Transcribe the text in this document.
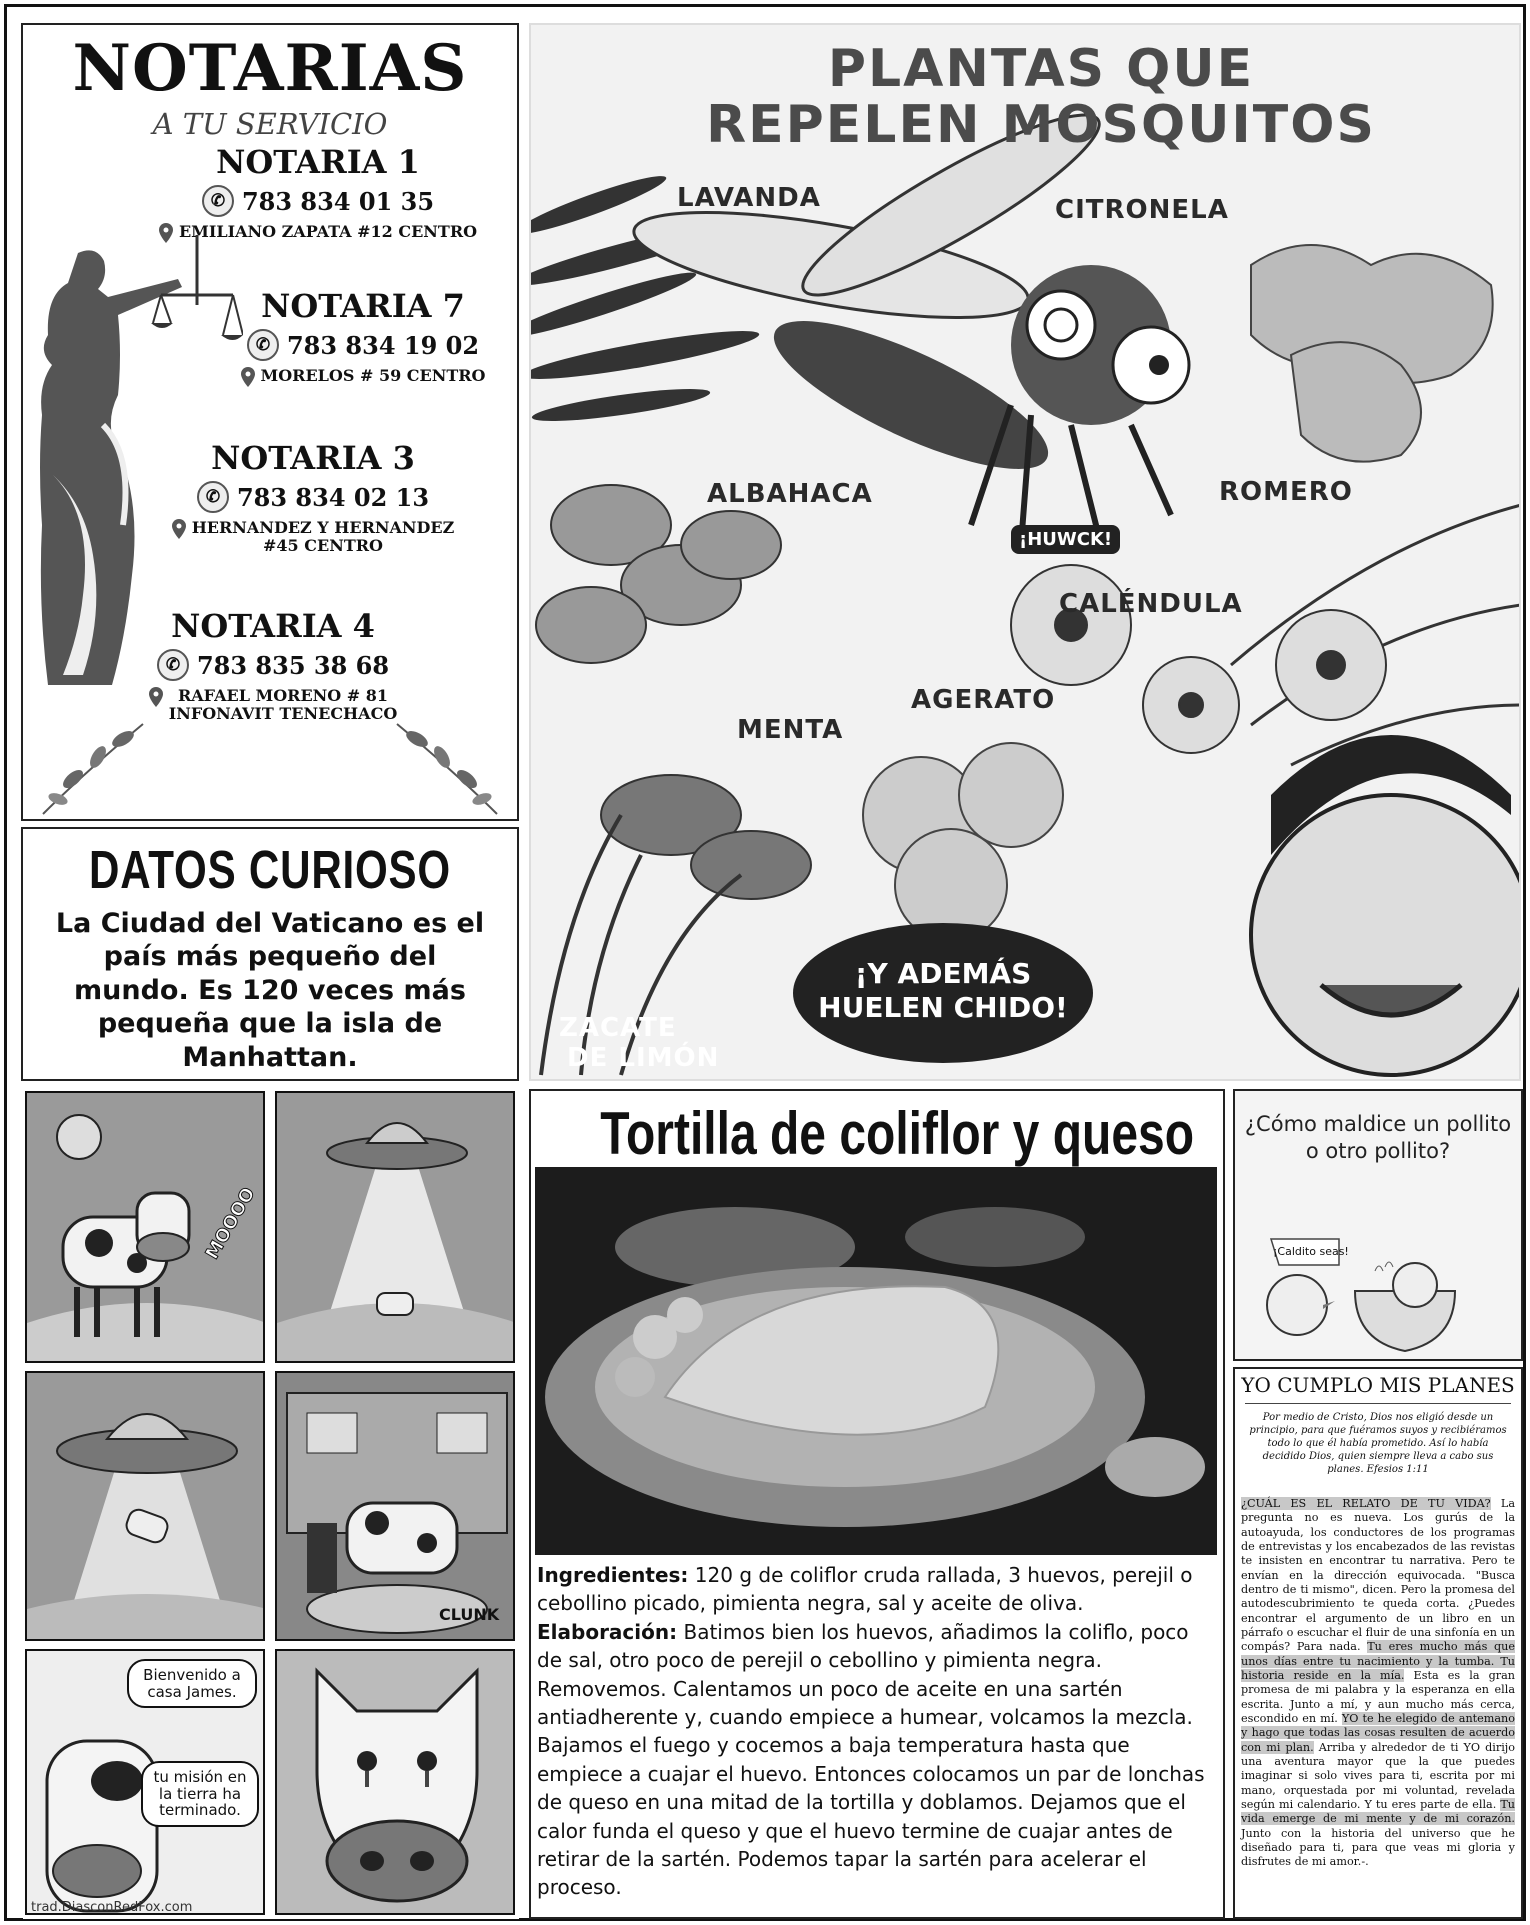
NOTARIAS
A TU SERVICIO
NOTARIA 1
✆ 783 834 01 35
EMILIANO ZAPATA #12 CENTRO
NOTARIA 7
✆ 783 834 19 02
MORELOS # 59 CENTRO
NOTARIA 3
✆ 783 834 02 13
HERNANDEZ Y HERNANDEZ
#45 CENTRO
NOTARIA 4
✆ 783 835 38 68
RAFAEL MORENO # 81
INFONAVIT TENECHACO
DATOS CURIOSO
La Ciudad del Vaticano es el país más pequeño del mundo. Es 120 veces más pequeña que la isla de Manhattan.
PLANTAS QUE
REPELEN MOSQUITOS
LAVANDA	CITRONELA
ALBAHACA	ROMERO
CALÉNDULA
AGERATO
MENTA
ZACATE
DE LIMÓN
¡HUWCK!
¡Y ADEMÁS
HUELEN CHIDO!
MOOOO
CLUNK
Bienvenido a casa James.
tu misión en la tierra ha terminado.
trad.DiasconRedFox.com
Tortilla de coliflor y queso
Ingredientes: 120 g de coliflor cruda rallada, 3 huevos, perejil o cebollino picado, pimienta negra, sal y aceite de oliva.
Elaboración: Batimos bien los huevos, añadimos la coliflo, poco de sal, otro poco de perejil o cebollino y pimienta negra. Removemos. Calentamos un poco de aceite en una sartén antiadherente y, cuando empiece a humear, volcamos la mezcla. Bajamos el fuego y cocemos a baja temperatura hasta que empiece a cuajar el huevo. Entonces colocamos un par de lonchas de queso en una mitad de la tortilla y doblamos. Dejamos que el calor funda el queso y que el huevo termine de cuajar antes de retirar de la sartén. Podemos tapar la sartén para acelerar el proceso.
¿Cómo maldice un pollito
o otro pollito?
¡Caldito seas!
YO CUMPLO MIS PLANES
Por medio de Cristo, Dios nos eligió desde un principio, para que fuéramos suyos y recibiéramos todo lo que él había prometido. Así lo había decidido Dios, quien siempre lleva a cabo sus planes. Efesios 1:11
¿CUÁL ES EL RELATO DE TU VIDA? La pregunta no es nueva. Los gurús de la autoayuda, los conductores de los programas de entrevistas y los encabezados de las revistas te insisten en encontrar tu narrativa. Pero te envían en la dirección equivocada. "Busca dentro de ti mismo", dicen. Pero la promesa del autodescubrimiento te queda corta. ¿Puedes encontrar el argumento de un libro en un párrafo o escuchar el fluir de una sinfonía en un compás? Para nada. Tu eres mucho más que unos días entre tu nacimiento y la tumba. Tu historia reside en la mía. Esta es la gran promesa de mi palabra y la esperanza en ella escrita. Junto a mí, y aun mucho más cerca, escondido en mí. YO te he elegido de antemano y hago que todas las cosas resulten de acuerdo con mi plan. Arriba y alrededor de ti YO dirijo una aventura mayor que la que puedes imaginar si solo vives para ti, escrita por mi mano, orquestada por mi voluntad, revelada según mi calendario. Y tu eres parte de ella. Tu vida emerge de mi mente y de mi corazón. Junto con la historia del universo que he diseñado para ti, para que veas mi gloria y disfrutes de mi amor.-.
